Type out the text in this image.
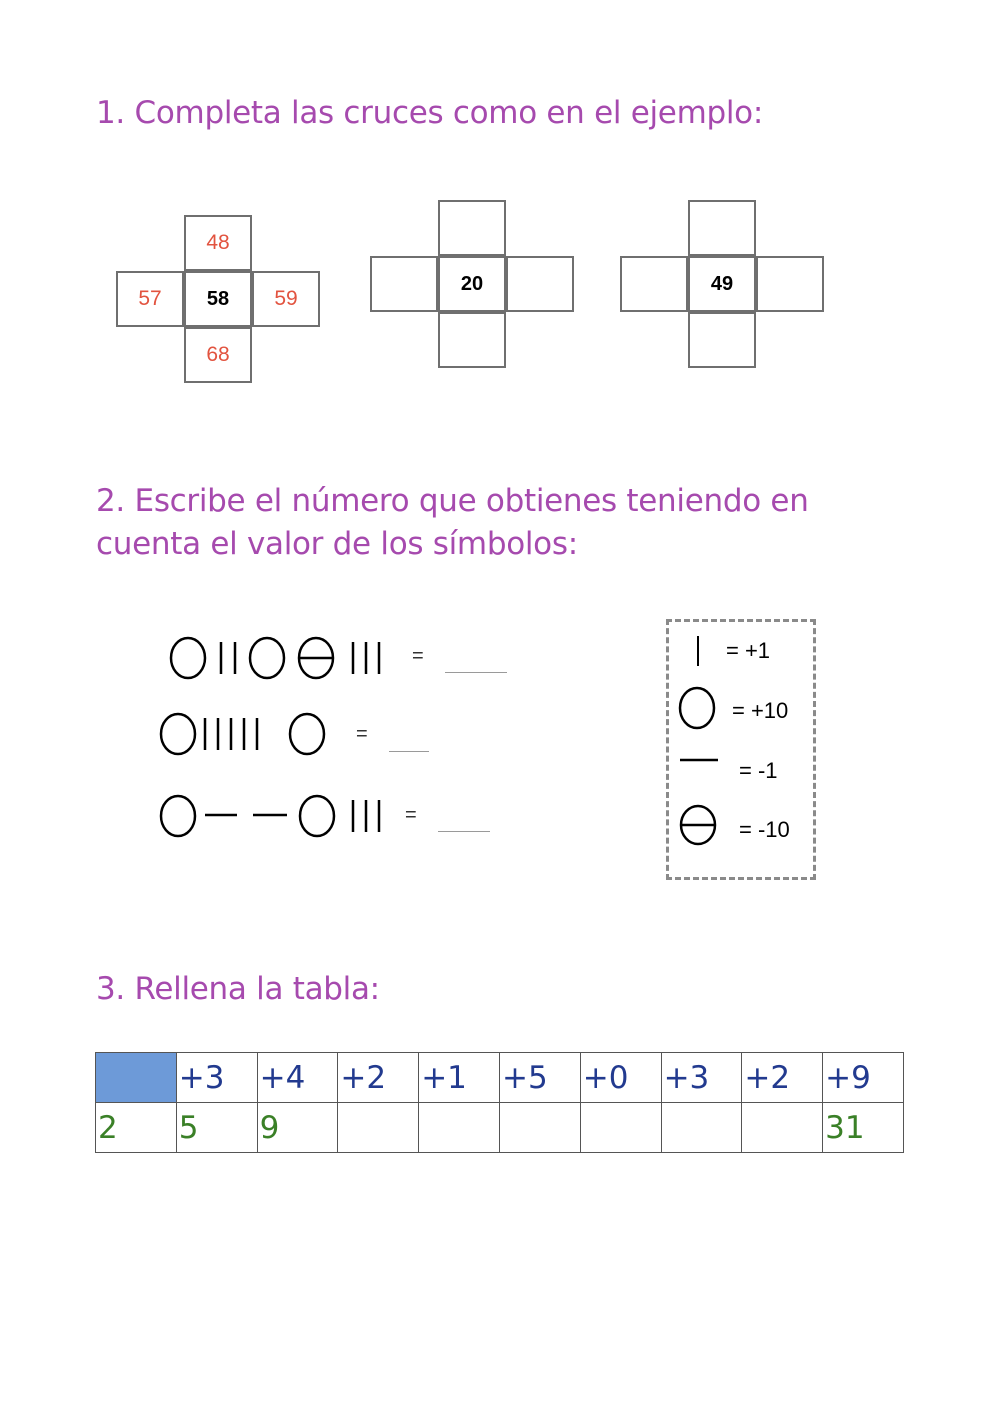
1. Completa las cruces como en el ejemplo:
48
57	58	59
68
20	49
2. Escribe el número que obtienes teniendo en cuenta el valor de los símbolos:
=
=
=
= +1
= +10
= -1
= -10
3. Rellena la tabla:
	+3	+4	+2	+1	+5	+0	+3	+2	+9
2	5	9							31
